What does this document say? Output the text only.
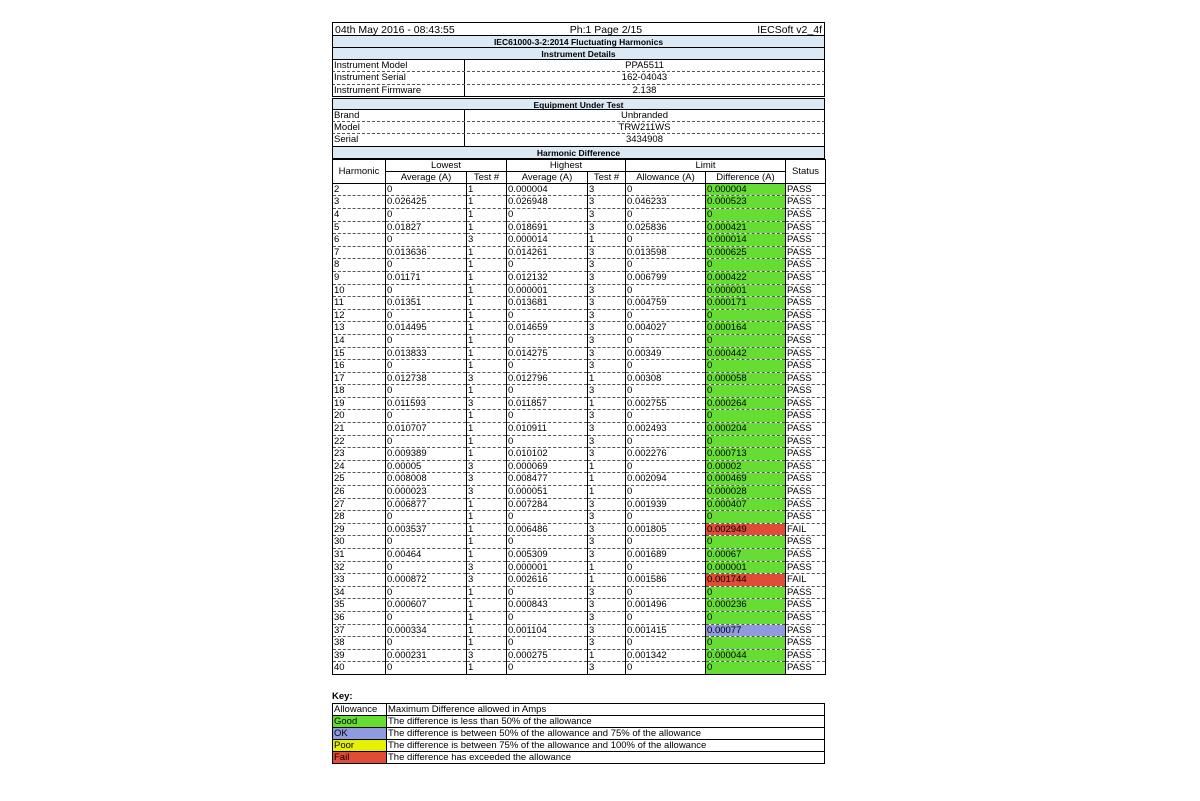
04th May 2016 - 08:43:55	Ph:1 Page 2/15	IECSoft v2_4f
IEC61000-3-2:2014 Fluctuating Harmonics
Instrument Details
Instrument Model	PPA5511
Instrument Serial	162-04043
Instrument Firmware	2.138
Equipment Under Test
Brand	Unbranded
Model	TRW211WS
Serial	3434908
Harmonic Difference
Harmonic	Lowest		Highest		Limit		Status
	Average (A)	Test #	Average (A)	Test #	Allowance (A)	Difference (A)	
2	0	1	0.000004	3	0	0.000004	PASS
3	0.026425	1	0.026948	3	0.046233	0.000523	PASS
4	0	1	0	3	0	0	PASS
5	0.01827	1	0.018691	3	0.025836	0.000421	PASS
6	0	3	0.000014	1	0	0.000014	PASS
7	0.013636	1	0.014261	3	0.013598	0.000625	PASS
8	0	1	0	3	0	0	PASS
9	0.01171	1	0.012132	3	0.006799	0.000422	PASS
10	0	1	0.000001	3	0	0.000001	PASS
11	0.01351	1	0.013681	3	0.004759	0.000171	PASS
12	0	1	0	3	0	0	PASS
13	0.014495	1	0.014659	3	0.004027	0.000164	PASS
14	0	1	0	3	0	0	PASS
15	0.013833	1	0.014275	3	0.00349	0.000442	PASS
16	0	1	0	3	0	0	PASS
17	0.012738	3	0.012796	1	0.00308	0.000058	PASS
18	0	1	0	3	0	0	PASS
19	0.011593	3	0.011857	1	0.002755	0.000264	PASS
20	0	1	0	3	0	0	PASS
21	0.010707	1	0.010911	3	0.002493	0.000204	PASS
22	0	1	0	3	0	0	PASS
23	0.009389	1	0.010102	3	0.002276	0.000713	PASS
24	0.00005	3	0.000069	1	0	0.00002	PASS
25	0.008008	3	0.008477	1	0.002094	0.000469	PASS
26	0.000023	3	0.000051	1	0	0.000028	PASS
27	0.006877	1	0.007284	3	0.001939	0.000407	PASS
28	0	1	0	3	0	0	PASS
29	0.003537	1	0.006486	3	0.001805	0.002949	FAIL
30	0	1	0	3	0	0	PASS
31	0.00464	1	0.005309	3	0.001689	0.00067	PASS
32	0	3	0.000001	1	0	0.000001	PASS
33	0.000872	3	0.002616	1	0.001586	0.001744	FAIL
34	0	1	0	3	0	0	PASS
35	0.000607	1	0.000843	3	0.001496	0.000236	PASS
36	0	1	0	3	0	0	PASS
37	0.000334	1	0.001104	3	0.001415	0.00077	PASS
38	0	1	0	3	0	0	PASS
39	0.000231	3	0.000275	1	0.001342	0.000044	PASS
40	0	1	0	3	0	0	PASS
Key:
Allowance	Maximum Difference allowed in Amps
Good	The difference is less than 50% of the allowance
OK	The difference is between 50% of the allowance and 75% of the allowance
Poor	The difference is between 75% of the allowance and 100% of the allowance
Fail	The difference has exceeded the allowance
